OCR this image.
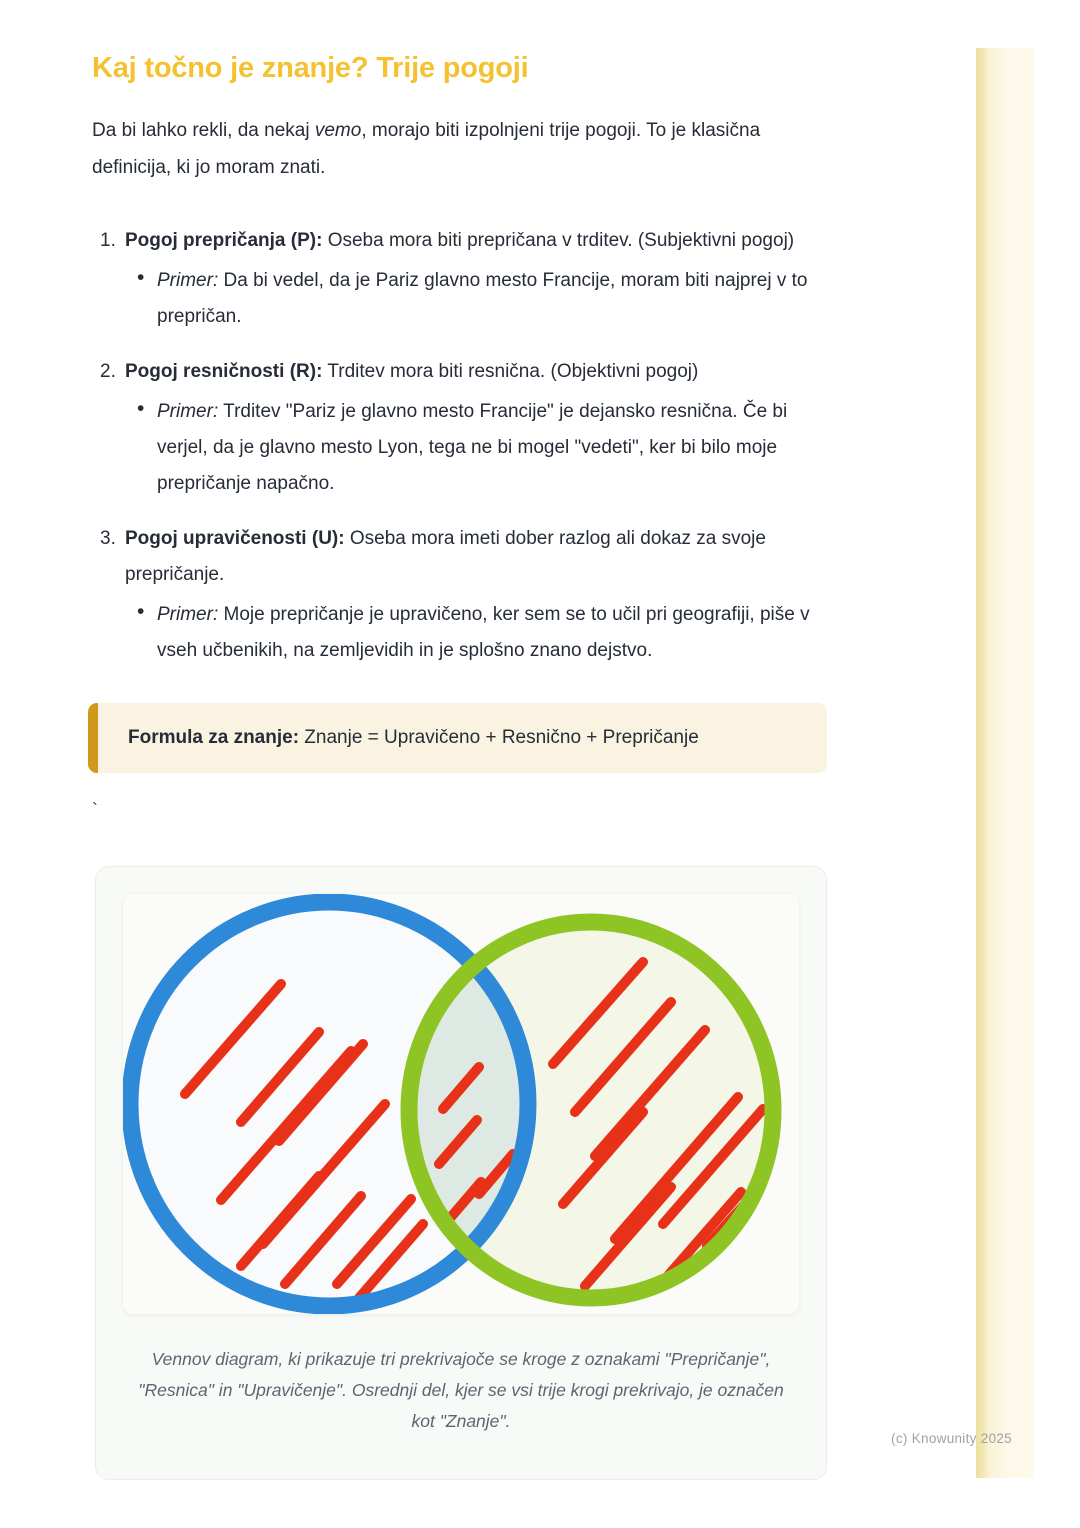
Kaj točno je znanje? Trije pogoji

Da bi lahko rekli, da nekaj vemo, morajo biti izpolnjeni trije pogoji. To je klasična definicija, ki jo moram znati.

1. Pogoj prepričanja (P): Oseba mora biti prepričana v trditev. (Subjektivni pogoj)
• Primer: Da bi vedel, da je Pariz glavno mesto Francije, moram biti najprej v to prepričan.
2. Pogoj resničnosti (R): Trditev mora biti resnična. (Objektivni pogoj)
• Primer: Trditev "Pariz je glavno mesto Francije" je dejansko resnična. Če bi verjel, da je glavno mesto Lyon, tega ne bi mogel "vedeti", ker bi bilo moje prepričanje napačno.
3. Pogoj upravičenosti (U): Oseba mora imeti dober razlog ali dokaz za svoje prepričanje.
• Primer: Moje prepričanje je upravičeno, ker sem se to učil pri geografiji, piše v vseh učbenikih, na zemljevidih in je splošno znano dejstvo.
Formula za znanje: Znanje = Upravičeno + Resnično + Prepričanje
`
Vennov diagram, ki prikazuje tri prekrivajoče se kroge z oznakami "Prepričanje", "Resnica" in "Upravičenje". Osrednji del, kjer se vsi trije krogi prekrivajo, je označen kot "Znanje".
(c) Knowunity 2025
